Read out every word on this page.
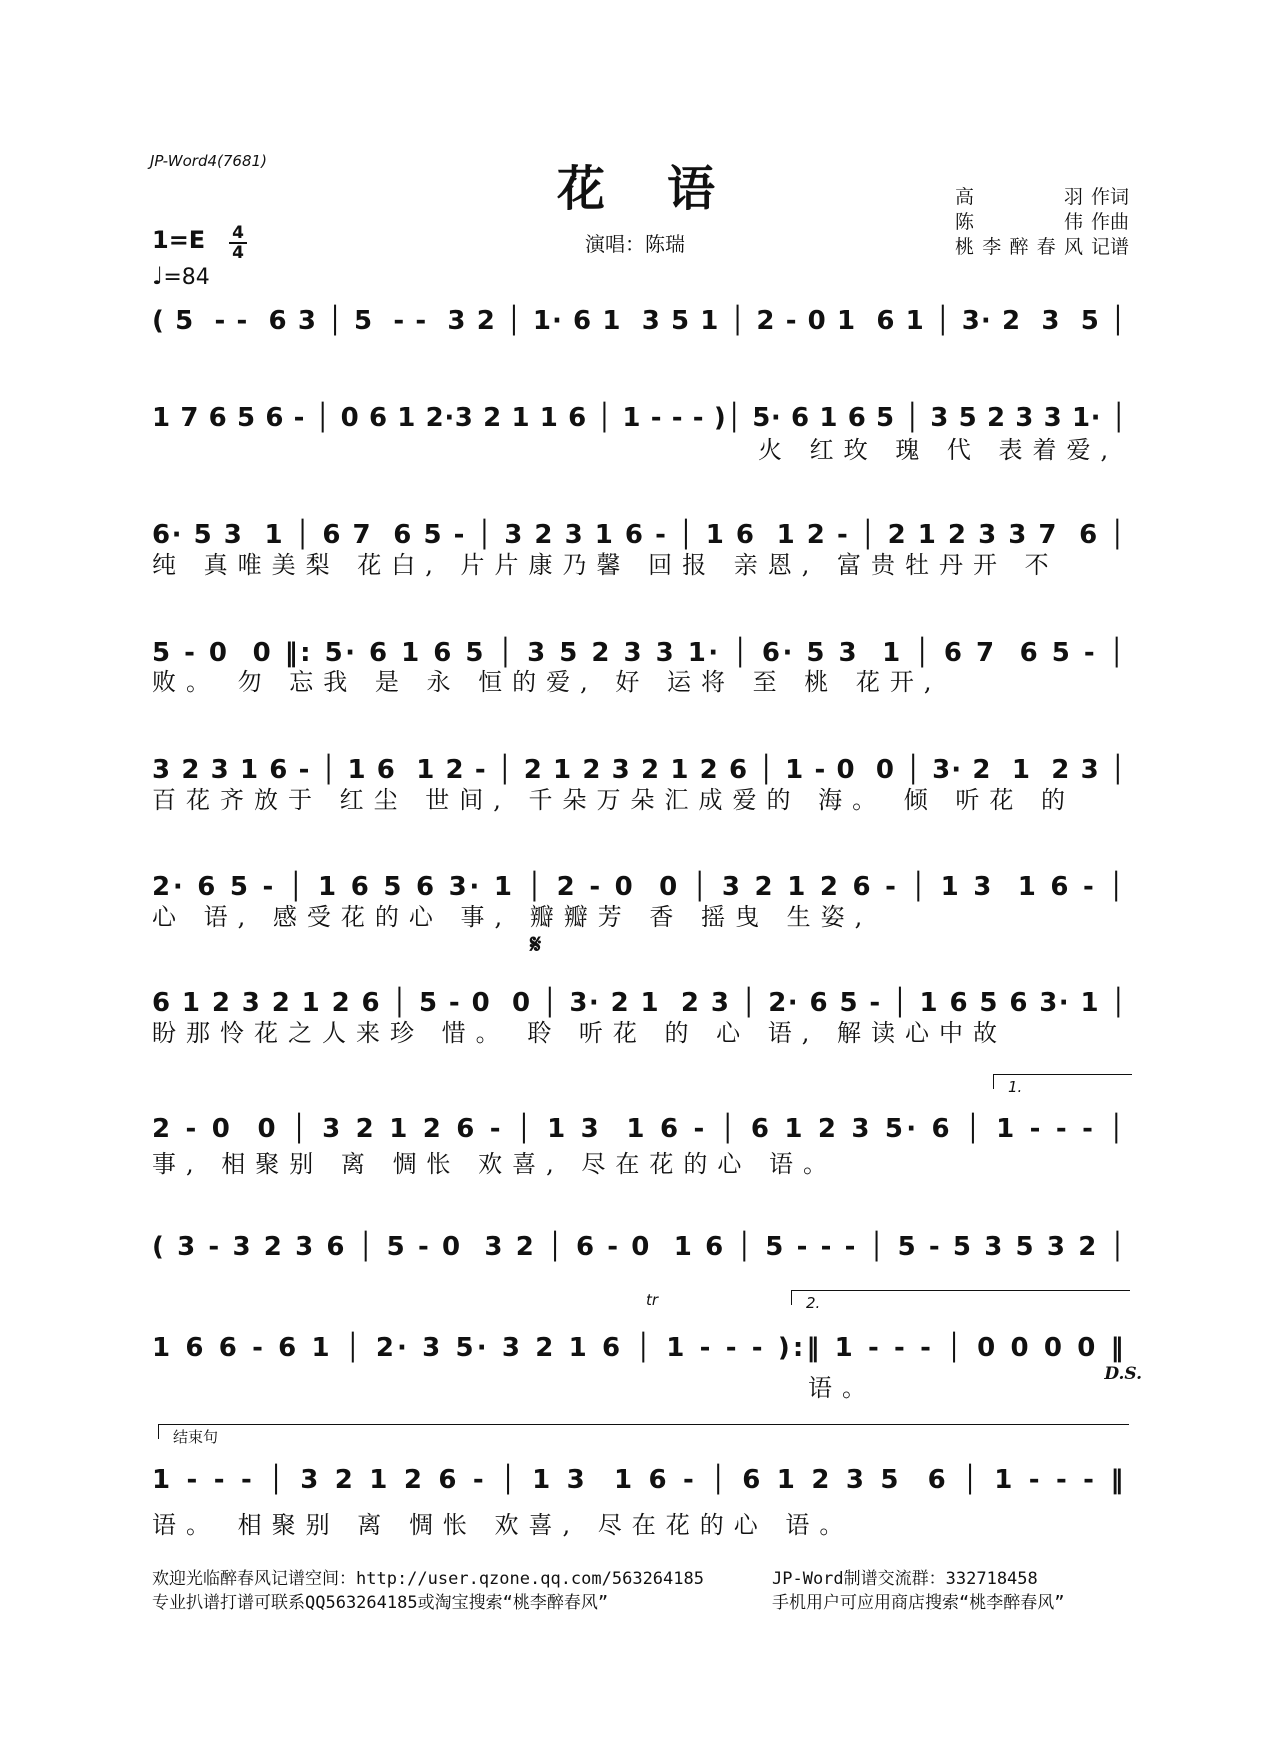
JP-Word4(7681)	花语
演唱：陈瑞
高羽 作词
陈伟 作曲
桃李醉春风 记谱
1=E 4
4
♩=84
( 5  - -  6 3 │ 5  - -  3 2 │ 1· 6 1  3 5 1 │ 2 - 0 1  6 1 │ 3· 2  3  5 │
1 7 6 5 6 - │ 0 6 1 2·3 2 1 1 6 │ 1 - - - )│ 5· 6 1 6 5 │ 3 5 2 3 3 1· │
火 红玫 瑰 代 表着爱,
6· 5 3  1 │ 6 7  6 5 - │ 3 2 3 1 6 - │ 1 6  1 2 - │ 2 1 2 3 3 7  6 │
纯 真唯美梨 花白, 片片康乃馨 回报 亲恩, 富贵牡丹开 不
5 - 0  0 ‖: 5· 6 1 6 5 │ 3 5 2 3 3 1· │ 6· 5 3  1 │ 6 7  6 5 - │
败。 勿 忘我 是 永 恒的爱, 好 运将 至 桃 花开,
3 2 3 1 6 - │ 1 6  1 2 - │ 2 1 2 3 2 1 2 6 │ 1 - 0  0 │ 3· 2  1  2 3 │
百花齐放于 红尘 世间, 千朵万朵汇成爱的 海。 倾 听花 的
2· 6 5 - │ 1 6 5 6 3· 1 │ 2 - 0  0 │ 3 2 1 2 6 - │ 1 3  1 6 - │
心 语, 感受花的心 事, 瓣瓣芳 香 摇曳 生姿,
6 1 2 3 2 1 2 6 │ 5 - 0  0 │ 3· 2 1  2 3 │ 2· 6 5 - │ 1 6 5 6 3· 1 │
盼那怜花之人来珍 惜。 聆 听花 的 心 语, 解读心中故
2 - 0  0 │ 3 2 1 2 6 - │ 1 3  1 6 - │ 6 1 2 3 5· 6 │ 1 - - - │
事, 相聚别 离 惆怅 欢喜, 尽在花的心 语。
( 3 - 3 2 3 6 │ 5 - 0  3 2 │ 6 - 0  1 6 │ 5 - - - │ 5 - 5 3 5 3 2 │
1 6 6 - 6 1 │ 2· 3 5· 3 2 1 6 │ 1 - - - ):‖ 1 - - - │ 0 0 0 0 ‖
语。
1 - - - │ 3 2 1 2 6 - │ 1 3  1 6 - │ 6 1 2 3 5  6 │ 1 - - - ‖
语。 相聚别 离 惆怅 欢喜, 尽在花的心 语。
𝄋
1.
2.
tr
D.S.
结束句
欢迎光临醉春风记谱空间：http://user.qzone.qq.com/563264185
专业扒谱打谱可联系QQ563264185或淘宝搜索“桃李醉春风”
JP-Word制谱交流群：332718458
手机用户可应用商店搜索“桃李醉春风”
